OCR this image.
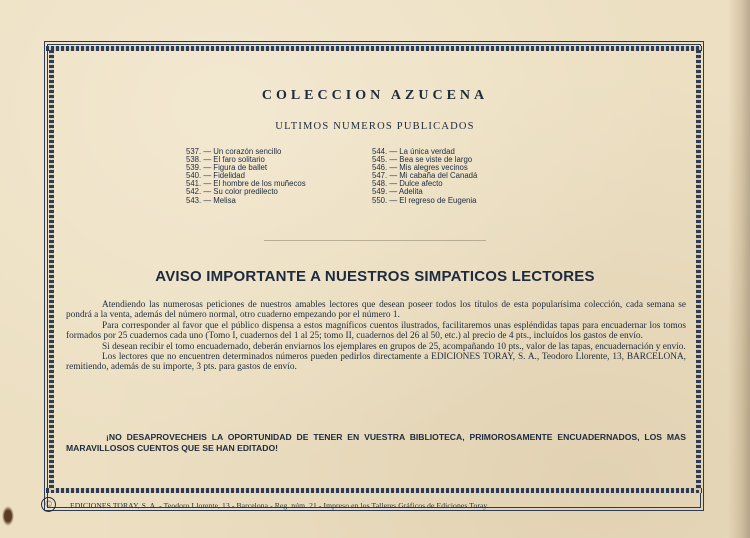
COLECCION AZUCENA
ULTIMOS NUMEROS PUBLICADOS
537. — Un corazón sencillo
538. — El faro solitario
539. — Figura de ballet
540. — Fidelidad
541. — El hombre de los muñecos
542. — Su color predilecto
543. — Melisa
544. — La única verdad
545. — Bea se viste de largo
546. — Mis alegres vecinos
547. — Mi cabaña del Canadá
548. — Dulce afecto
549. — Adelita
550. — El regreso de Eugenia
AVISO IMPORTANTE A NUESTROS SIMPATICOS LECTORES

Atendiendo las numerosas peticiones de nuestros amables lectores que desean poseer todos los títulos de esta popularísima colección, cada semana se pondrá a la venta, además del número normal, otro cuaderno empezando por el número 1.

Para corresponder al favor que el público dispensa a estos magníficos cuentos ilustrados, facilitaremos unas espléndidas tapas para encuadernar los tomos formados por 25 cuadernos cada uno (Tomo I, cuadernos del 1 al 25; tomo II, cuadernos del 26 al 50, etc.) al precio de 4 pts., incluídos los gastos de envío.

Si desean recibir el tomo encuadernado, deberán enviarnos los ejemplares en grupos de 25, acompañando 10 pts., valor de las tapas, encuadernación y envío.

Los lectores que no encuentren determinados números pueden pedirlos directamente a EDICIONES TORAY, S. A., Teodoro Llorente, 13, BARCELONA, remitiendo, además de su importe, 3 pts. para gastos de envío.

¡NO DESAPROVECHEIS LA OPORTUNIDAD DE TENER EN VUESTRA BIBLIOTECA, PRIMOROSAMENTE ENCUADERNADOS, LOS MAS MARAVILLOSOS CUENTOS QUE SE HAN EDITADO!
©	EDICIONES TORAY, S. A. - Teodoro Llorente, 13 - Barcelona - Reg. núm. 21 - Impreso en los Talleres Gráficos de Ediciones Toray.
